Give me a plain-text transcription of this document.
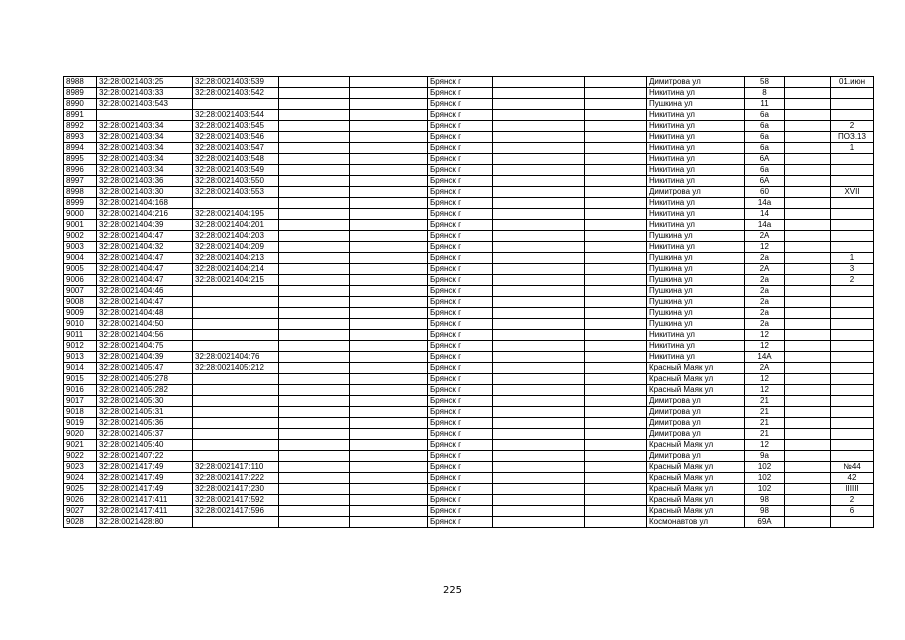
8988	32:28:0021403:25	32:28:0021403:539			Брянск г			Димитрова ул	58		01.июн
8989	32:28:0021403:33	32:28:0021403:542			Брянск г			Никитина ул	8		
8990	32:28:0021403:543				Брянск г			Пушкина ул	11		
8991		32:28:0021403:544			Брянск г			Никитина ул	6а		
8992	32:28:0021403:34	32:28:0021403:545			Брянск г			Никитина ул	6а		2
8993	32:28:0021403:34	32:28:0021403:546			Брянск г			Никитина ул	6а		ПОЗ.13
8994	32:28:0021403:34	32:28:0021403:547			Брянск г			Никитина ул	6а		1
8995	32:28:0021403:34	32:28:0021403:548			Брянск г			Никитина ул	6А		
8996	32:28:0021403:34	32:28:0021403:549			Брянск г			Никитина ул	6а		
8997	32:28:0021403:36	32:28:0021403:550			Брянск г			Никитина ул	6А		
8998	32:28:0021403:30	32:28:0021403:553			Брянск г			Димитрова ул	60		XVII
8999	32:28:0021404:168				Брянск г			Никитина ул	14а		
9000	32:28:0021404:216	32:28:0021404:195			Брянск г			Никитина ул	14		
9001	32:28:0021404:39	32:28:0021404:201			Брянск г			Никитина ул	14а		
9002	32:28:0021404:47	32:28:0021404:203			Брянск г			Пушкина ул	2А		
9003	32:28:0021404:32	32:28:0021404:209			Брянск г			Никитина ул	12		
9004	32:28:0021404:47	32:28:0021404:213			Брянск г			Пушкина ул	2а		1
9005	32:28:0021404:47	32:28:0021404:214			Брянск г			Пушкина ул	2А		3
9006	32:28:0021404:47	32:28:0021404:215			Брянск г			Пушкина ул	2а		2
9007	32:28:0021404:46				Брянск г			Пушкина ул	2а		
9008	32:28:0021404:47				Брянск г			Пушкина ул	2а		
9009	32:28:0021404:48				Брянск г			Пушкина ул	2а		
9010	32:28:0021404:50				Брянск г			Пушкина ул	2а		
9011	32:28:0021404:56				Брянск г			Никитина ул	12		
9012	32:28:0021404:75				Брянск г			Никитина ул	12		
9013	32:28:0021404:39	32:28:0021404:76			Брянск г			Никитина ул	14А		
9014	32:28:0021405:47	32:28:0021405:212			Брянск г			Красный Маяк ул	2А		
9015	32:28:0021405:278				Брянск г			Красный Маяк ул	12		
9016	32:28:0021405:282				Брянск г			Красный Маяк ул	12		
9017	32:28:0021405:30				Брянск г			Димитрова ул	21		
9018	32:28:0021405:31				Брянск г			Димитрова ул	21		
9019	32:28:0021405:36				Брянск г			Димитрова ул	21		
9020	32:28:0021405:37				Брянск г			Димитрова ул	21		
9021	32:28:0021405:40				Брянск г			Красный Маяк ул	12		
9022	32:28:0021407:22				Брянск г			Димитрова ул	9а		
9023	32:28:0021417:49	32:28:0021417:110			Брянск г			Красный Маяк ул	102		№44
9024	32:28:0021417:49	32:28:0021417:222			Брянск г			Красный Маяк ул	102		42
9025	32:28:0021417:49	32:28:0021417:230			Брянск г			Красный Маяк ул	102		IIIIII
9026	32:28:0021417:411	32:28:0021417:592			Брянск г			Красный Маяк ул	98		2
9027	32:28:0021417:411	32:28:0021417:596			Брянск г			Красный Маяк ул	98		6
9028	32:28:0021428:80				Брянск г			Космонавтов ул	69А		
225
